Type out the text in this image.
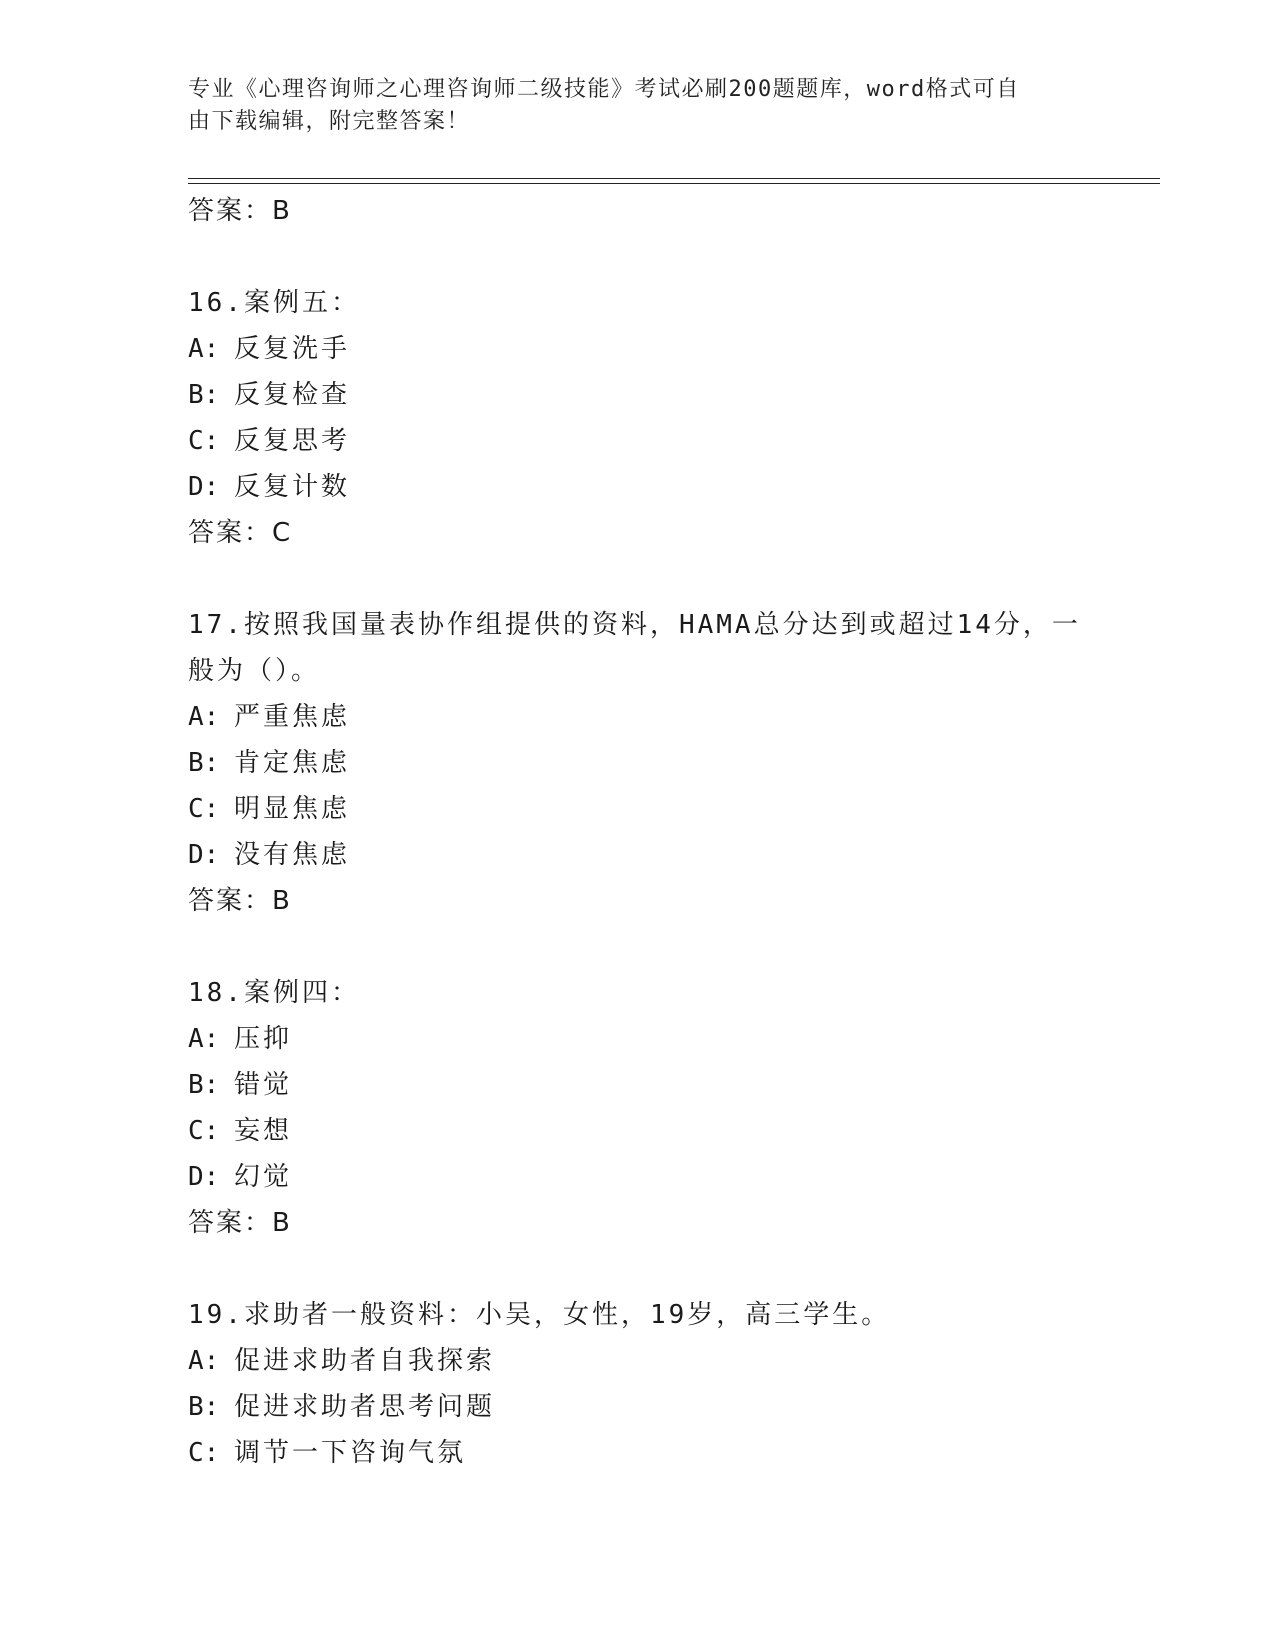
专业《心理咨询师之心理咨询师二级技能》考试必刷200题题库，word格式可自
由下载编辑，附完整答案！
答案：B
16.案例五：
A: 反复洗手
B: 反复检查
C: 反复思考
D: 反复计数
答案：C
17.按照我国量表协作组提供的资料，HAMA总分达到或超过14分，一
般为（）。
A: 严重焦虑
B: 肯定焦虑
C: 明显焦虑
D: 没有焦虑
答案：B
18.案例四：
A: 压抑
B: 错觉
C: 妄想
D: 幻觉
答案：B
19.求助者一般资料：小吴，女性，19岁，高三学生。
A: 促进求助者自我探索
B: 促进求助者思考问题
C: 调节一下咨询气氛
